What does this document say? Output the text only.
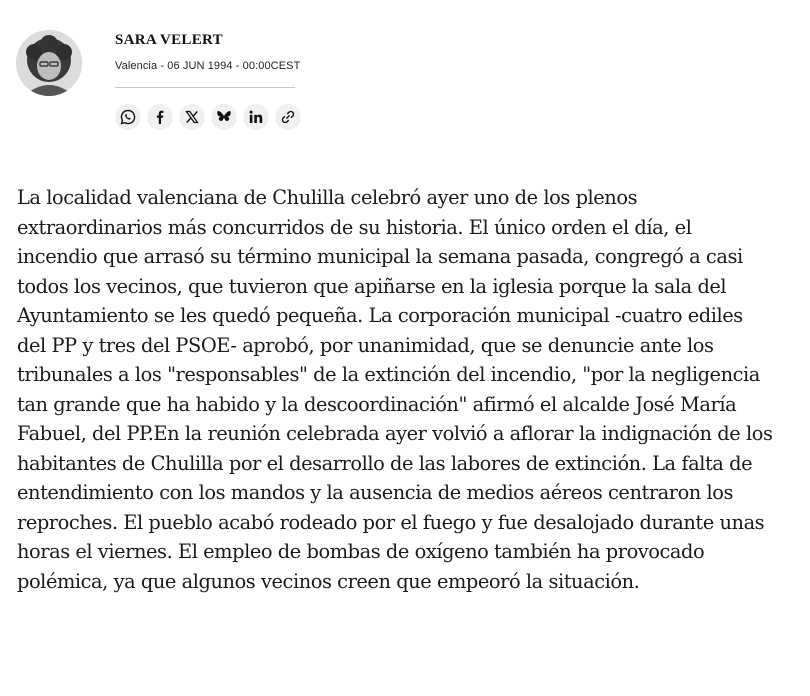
SARA VELERT
Valencia - 06 JUN 1994 - 00:00CEST

La localidad valenciana de Chulilla celebró ayer uno de los plenos extraordinarios más concurridos de su historia. El único orden el día, el incendio que arrasó su término municipal la semana pasada, congregó a casi todos los vecinos, que tuvieron que apiñarse en la iglesia porque la sala del Ayuntamiento se les quedó pequeña. La corporación municipal -cuatro ediles del PP y tres del PSOE- aprobó, por unanimidad, que se denuncie ante los tribunales a los "responsables" de la extinción del incendio, "por la negligencia tan grande que ha habido y la descoordinación" afirmó el alcalde José María Fabuel, del PP.En la reunión celebrada ayer volvió a aflorar la indignación de los habitantes de Chulilla por el desarrollo de las labores de extinción. La falta de entendimiento con los mandos y la ausencia de medios aéreos centraron los reproches. El pueblo acabó rodeado por el fuego y fue desalojado durante unas horas el viernes. El empleo de bombas de oxígeno también ha provocado polémica, ya que algunos vecinos creen que empeoró la situación.
